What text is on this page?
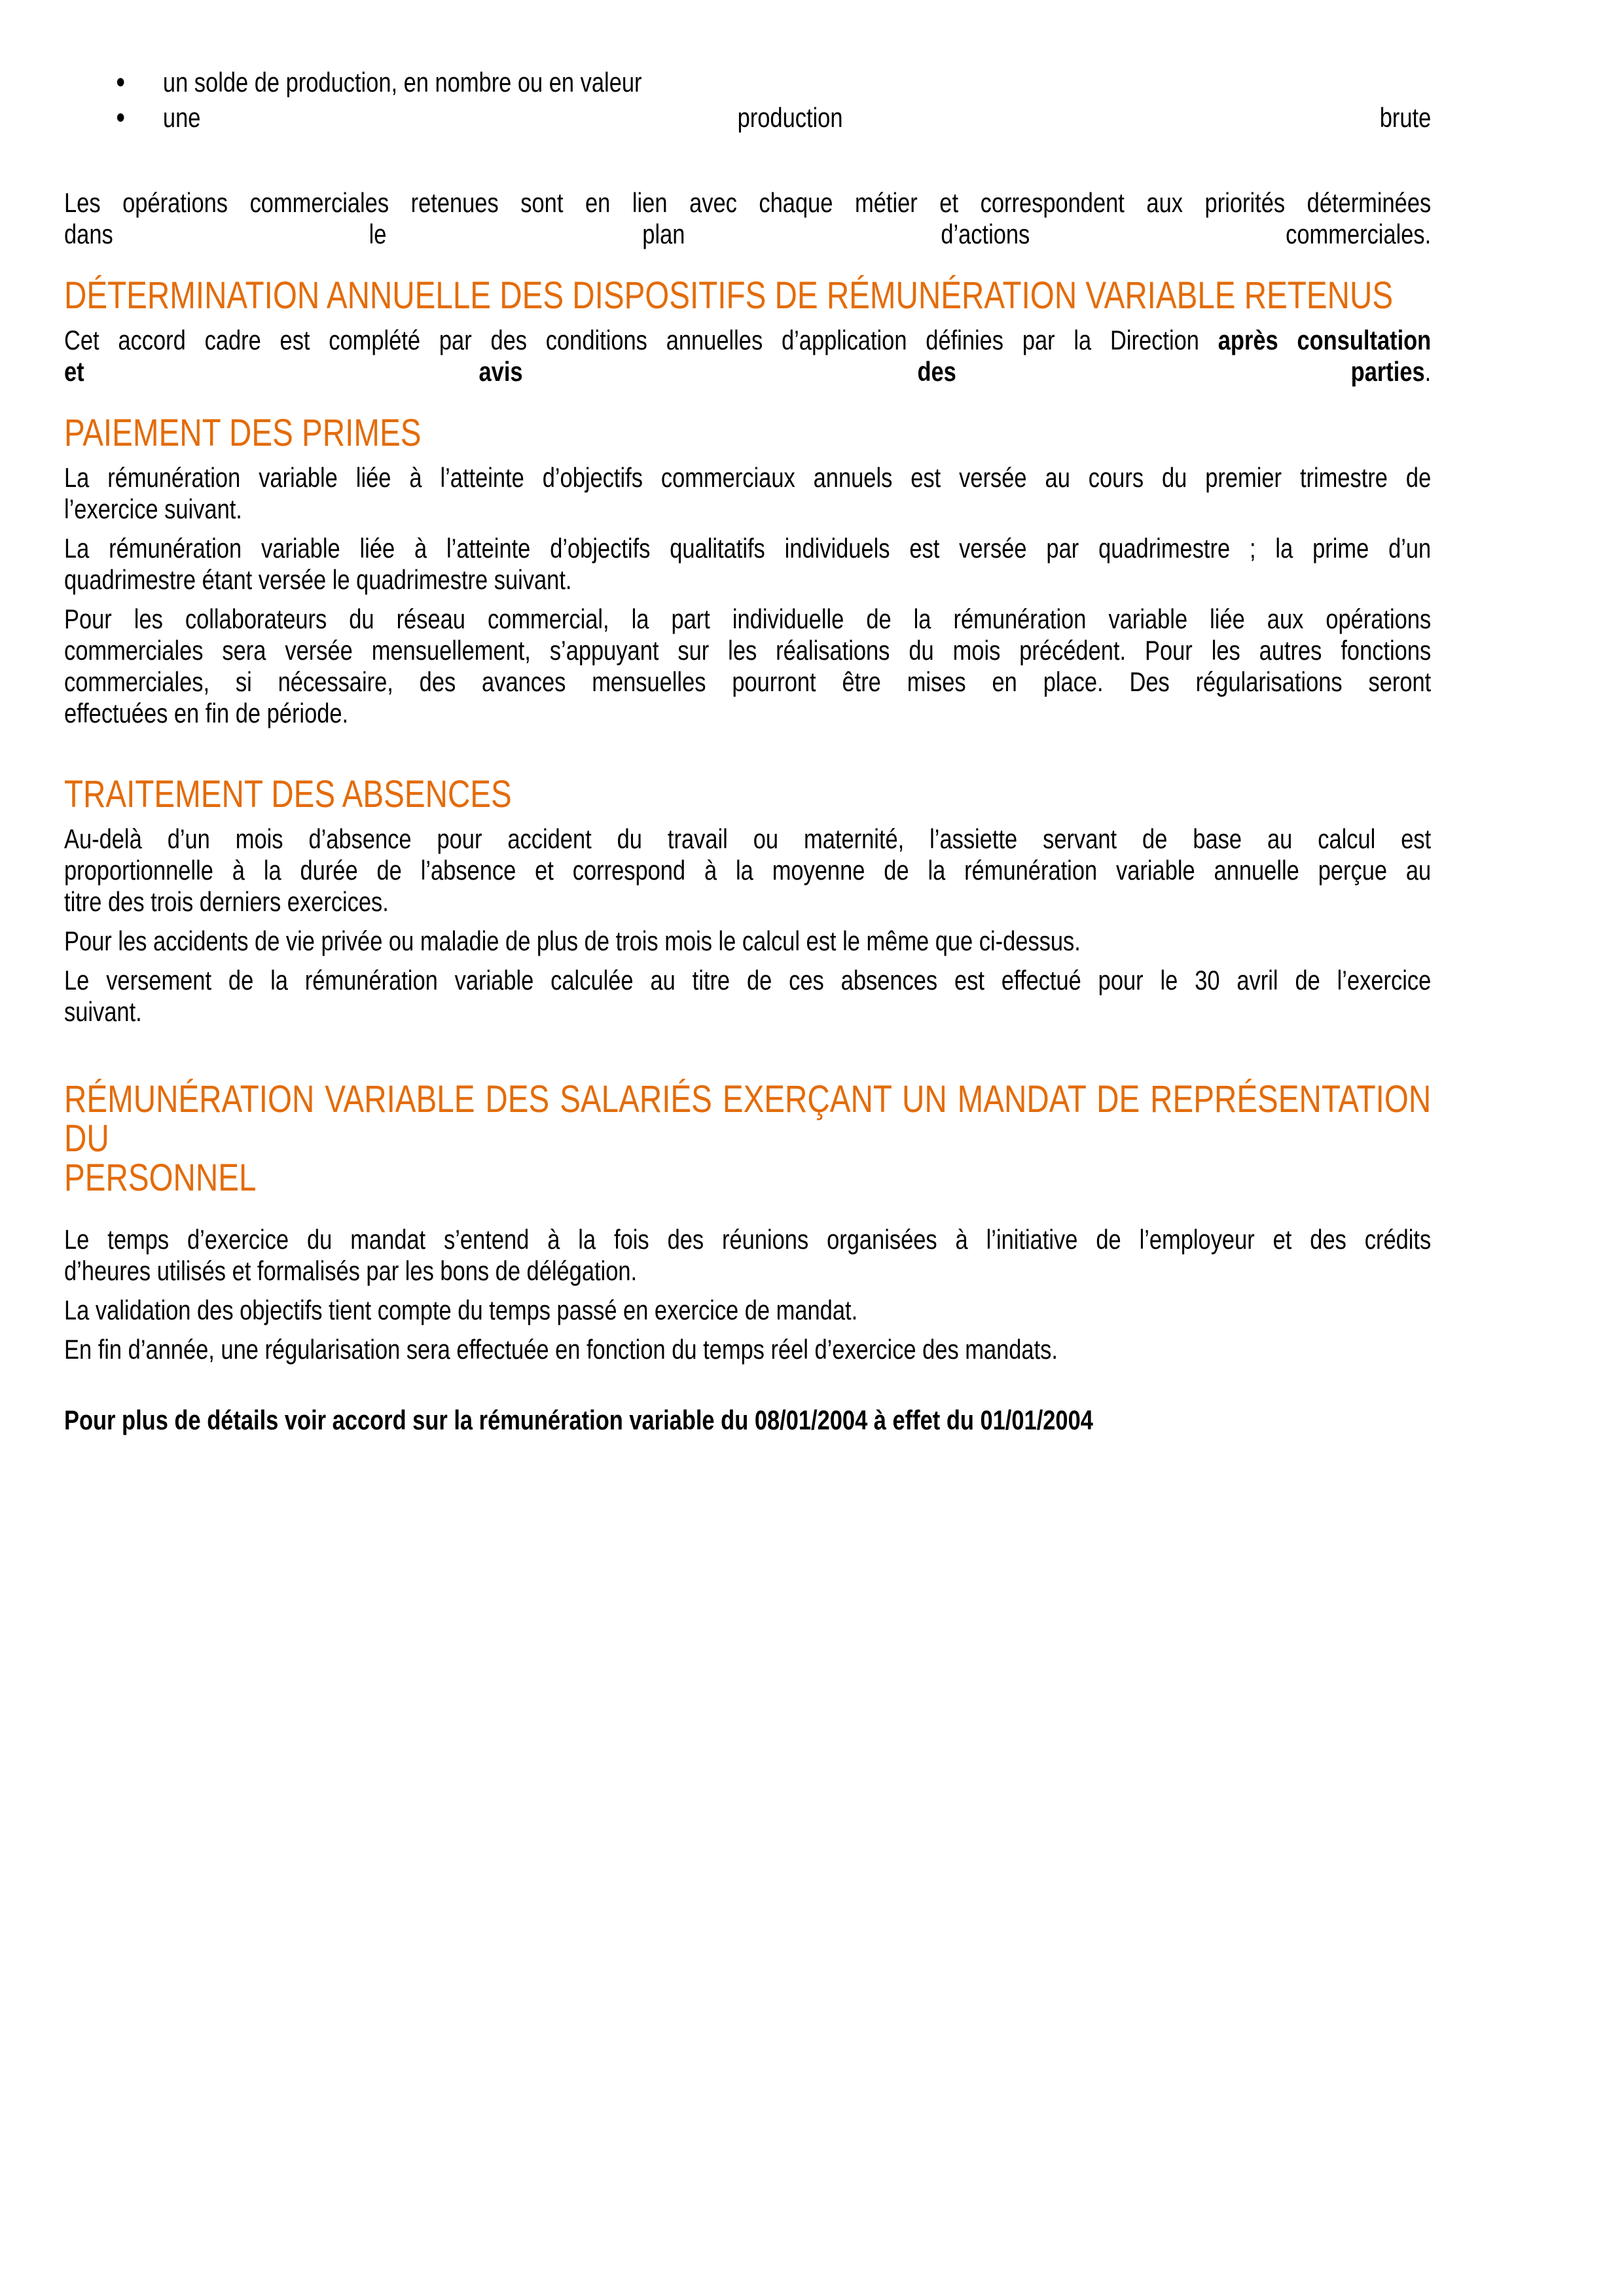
●	un solde de production, en nombre ou en valeur
●	une production brute
Les opérations commerciales retenues sont en lien avec chaque métier et correspondent aux priorités déterminées
dans le plan d’actions commerciales.
DÉTERMINATION ANNUELLE DES DISPOSITIFS DE RÉMUNÉRATION VARIABLE RETENUS
Cet accord cadre est complété par des conditions annuelles d’application définies par la Direction après consultation
et avis des parties.
PAIEMENT DES PRIMES
La rémunération variable liée à l’atteinte d’objectifs commerciaux annuels est versée au cours du premier trimestre de
l’exercice suivant.
La rémunération variable liée à l’atteinte d’objectifs qualitatifs individuels est versée par quadrimestre ; la prime d’un
quadrimestre étant versée le quadrimestre suivant.
Pour les collaborateurs du réseau commercial, la part individuelle de la rémunération variable liée aux opérations
commerciales sera versée mensuellement, s’appuyant sur les réalisations du mois précédent. Pour les autres fonctions
commerciales, si nécessaire, des avances mensuelles pourront être mises en place. Des régularisations seront
effectuées en fin de période.
TRAITEMENT DES ABSENCES
Au-delà d’un mois d’absence pour accident du travail ou maternité, l’assiette servant de base au calcul est
proportionnelle à la durée de l’absence et correspond à la moyenne de la rémunération variable annuelle perçue au
titre des trois derniers exercices.
Pour les accidents de vie privée ou maladie de plus de trois mois le calcul est le même que ci-dessus.
Le versement de la rémunération variable calculée au titre de ces absences est effectué pour le 30 avril de l’exercice
suivant.
RÉMUNÉRATION VARIABLE DES SALARIÉS EXERÇANT UN MANDAT DE REPRÉSENTATION DU
PERSONNEL
Le temps d’exercice du mandat s’entend à la fois des réunions organisées à l’initiative de l’employeur et des crédits
d’heures utilisés et formalisés par les bons de délégation.
La validation des objectifs tient compte du temps passé en exercice de mandat.
En fin d’année, une régularisation sera effectuée en fonction du temps réel d’exercice des mandats.
Pour plus de détails voir accord sur la rémunération variable du 08/01/2004 à effet du 01/01/2004
